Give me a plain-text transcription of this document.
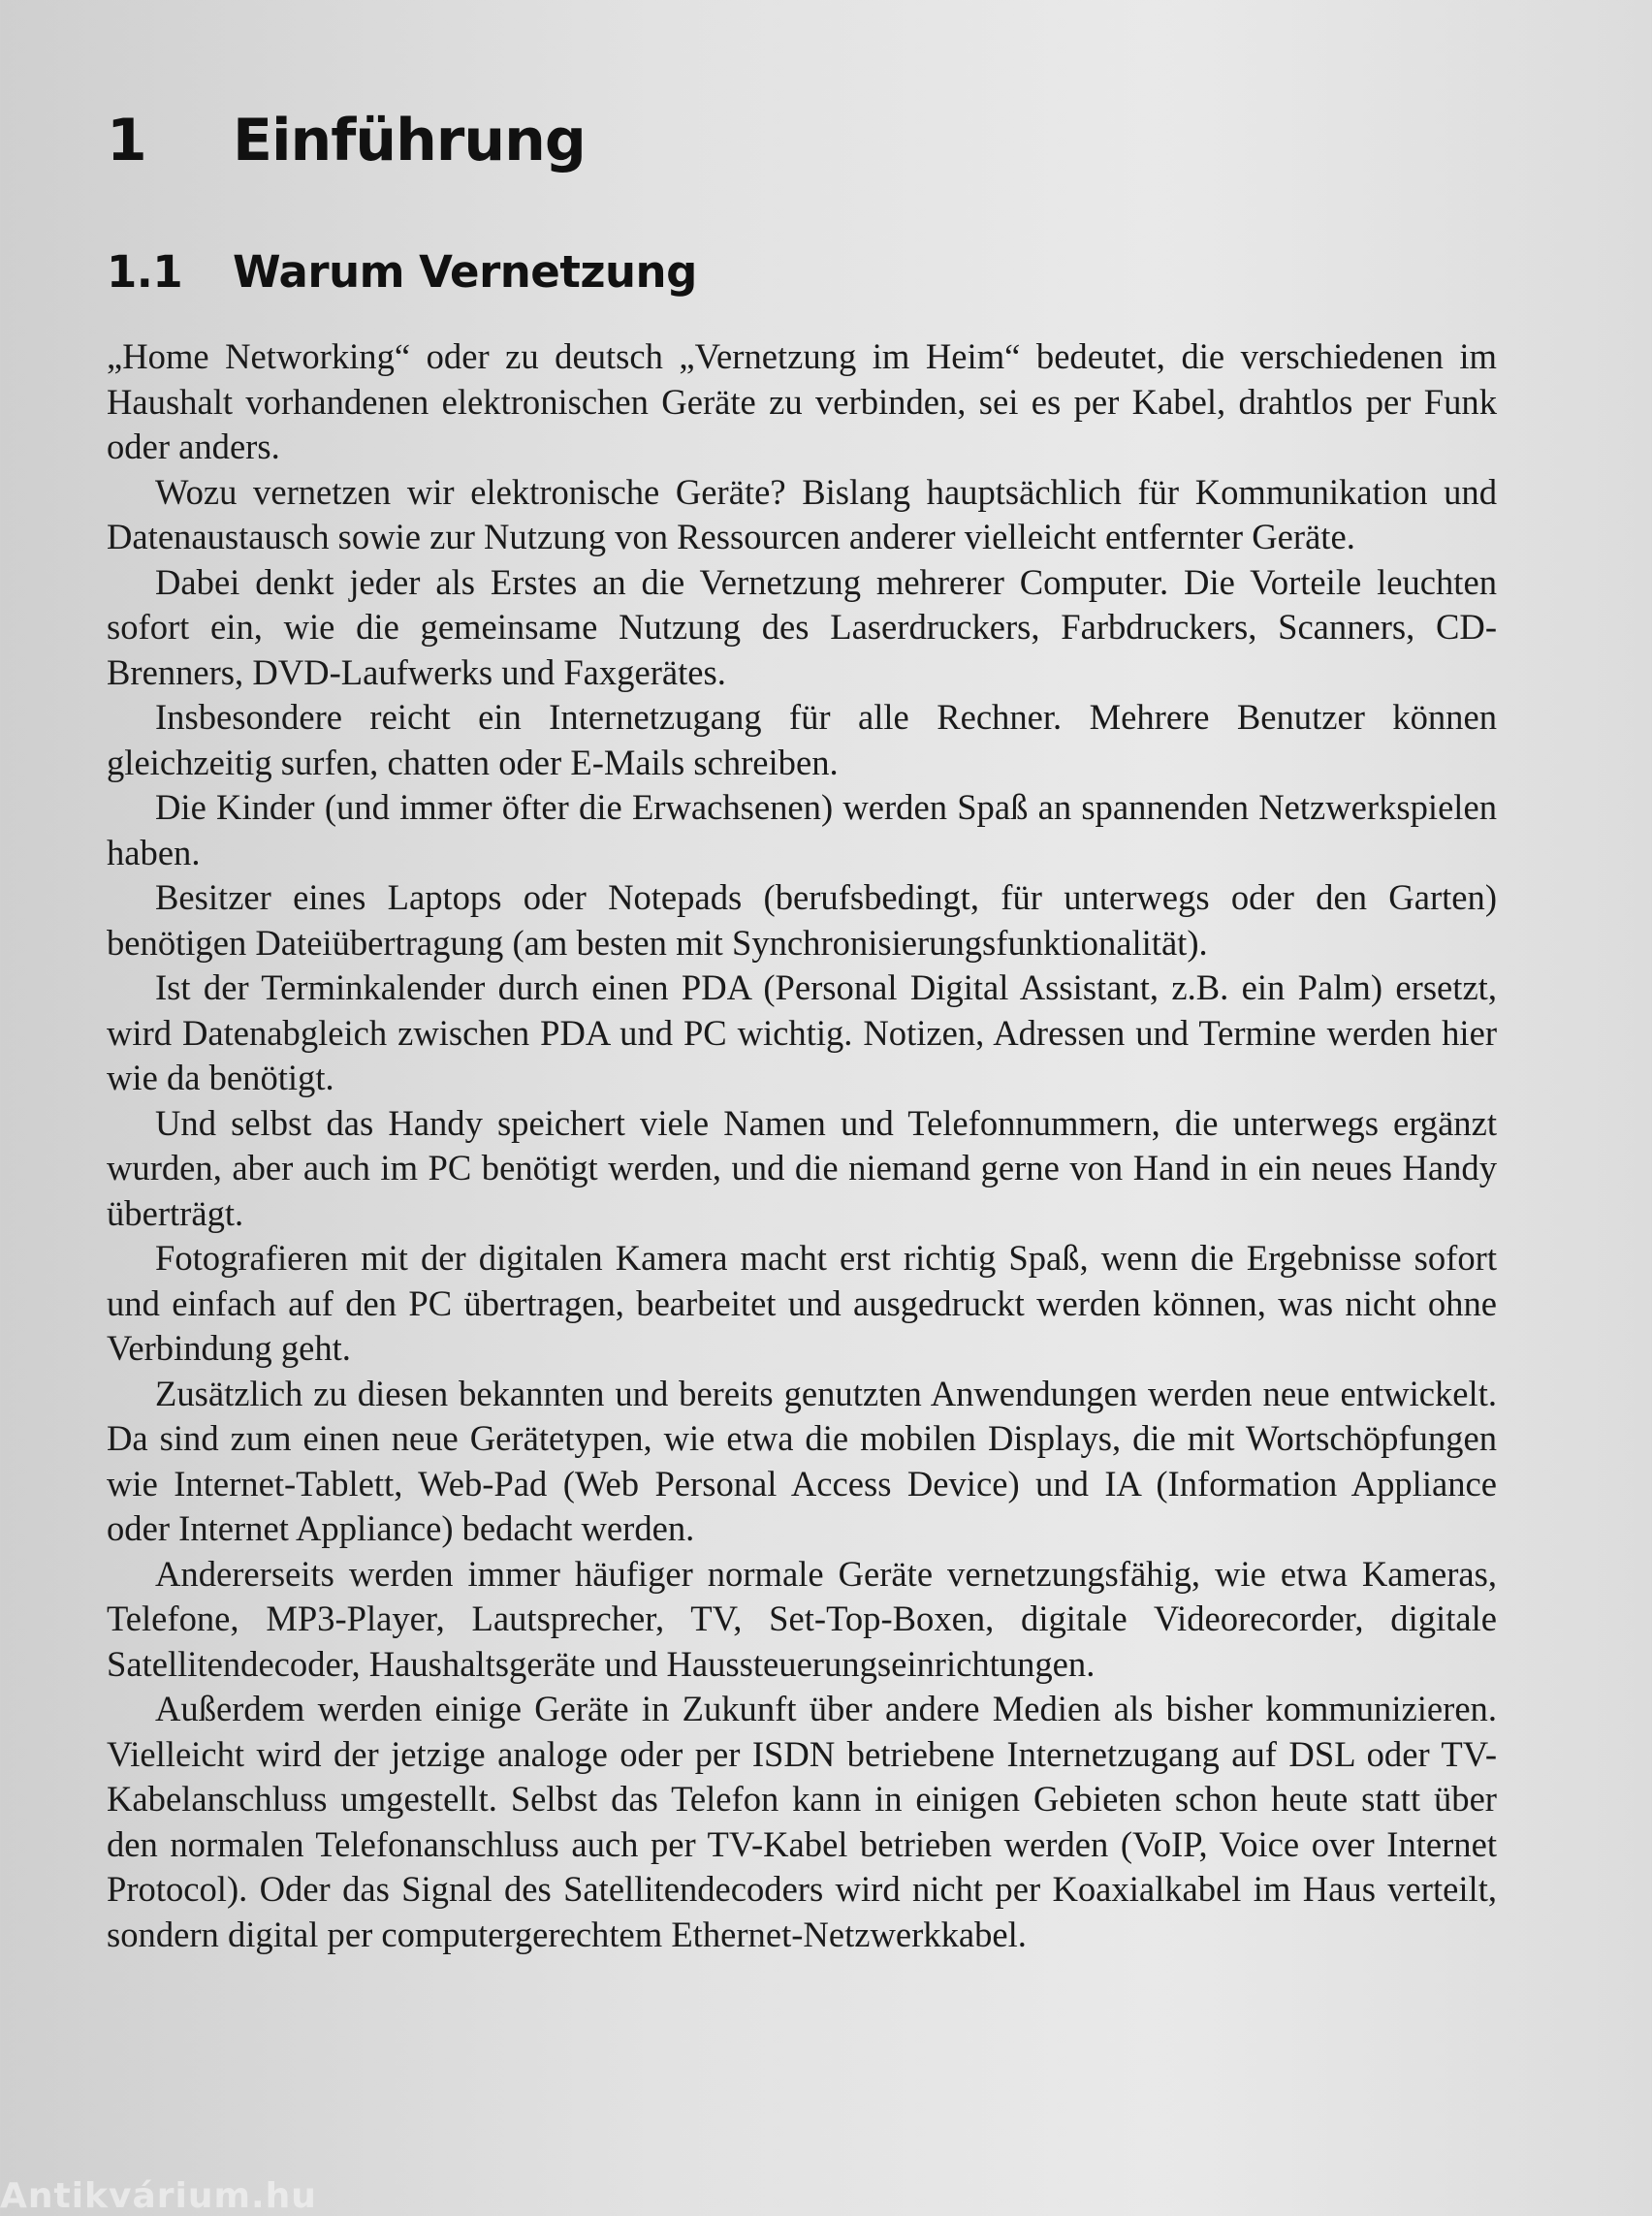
1	Einführung
1.1	Warum Vernetzung

„Home Networking“ oder zu deutsch „Vernetzung im Heim“ bedeutet, die verschiedenen im Haushalt vorhandenen elektronischen Geräte zu verbinden, sei es per Kabel, drahtlos per Funk oder anders.

Wozu vernetzen wir elektronische Geräte? Bislang hauptsächlich für Kommunikation und Datenaustausch sowie zur Nutzung von Ressourcen anderer vielleicht entfernter Geräte.

Dabei denkt jeder als Erstes an die Vernetzung mehrerer Computer. Die Vorteile leuchten sofort ein, wie die gemeinsame Nutzung des Laserdruckers, Farbdruckers, Scanners, CD-Brenners, DVD-Laufwerks und Faxgerätes.

Insbesondere reicht ein Internetzugang für alle Rechner. Mehrere Benutzer können gleichzeitig surfen, chatten oder E-Mails schreiben.

Die Kinder (und immer öfter die Erwachsenen) werden Spaß an spannenden Netzwerkspielen haben.

Besitzer eines Laptops oder Notepads (berufsbedingt, für unterwegs oder den Garten) benötigen Dateiübertragung (am besten mit Synchronisierungsfunktionalität).

Ist der Terminkalender durch einen PDA (Personal Digital Assistant, z.B. ein Palm) ersetzt, wird Datenabgleich zwischen PDA und PC wichtig. Notizen, Adressen und Termine werden hier wie da benötigt.

Und selbst das Handy speichert viele Namen und Telefonnummern, die unterwegs ergänzt wurden, aber auch im PC benötigt werden, und die niemand gerne von Hand in ein neues Handy überträgt.

Fotografieren mit der digitalen Kamera macht erst richtig Spaß, wenn die Ergebnisse sofort und einfach auf den PC übertragen, bearbeitet und ausgedruckt werden können, was nicht ohne Verbindung geht.

Zusätzlich zu diesen bekannten und bereits genutzten Anwendungen werden neue entwickelt. Da sind zum einen neue Gerätetypen, wie etwa die mobilen Displays, die mit Wortschöpfungen wie Internet-Tablett, Web-Pad (Web Personal Access Device) und IA (Information Appliance oder Internet Appliance) bedacht werden.

Andererseits werden immer häufiger normale Geräte vernetzungsfähig, wie etwa Kameras, Telefone, MP3-Player, Lautsprecher, TV, Set-Top-Boxen, digitale Videorecorder, digitale Satellitendecoder, Haushaltsgeräte und Haussteuerungseinrichtungen.

Außerdem werden einige Geräte in Zukunft über andere Medien als bisher kommunizieren. Vielleicht wird der jetzige analoge oder per ISDN betriebene Internetzugang auf DSL oder TV-Kabelanschluss umgestellt. Selbst das Telefon kann in einigen Gebieten schon heute statt über den normalen Telefonanschluss auch per TV-Kabel betrieben werden (VoIP, Voice over Internet Protocol). Oder das Signal des Satellitendecoders wird nicht per Koaxialkabel im Haus verteilt, sondern digital per computergerechtem Ethernet-Netzwerkkabel.

Antikvárium.hu
